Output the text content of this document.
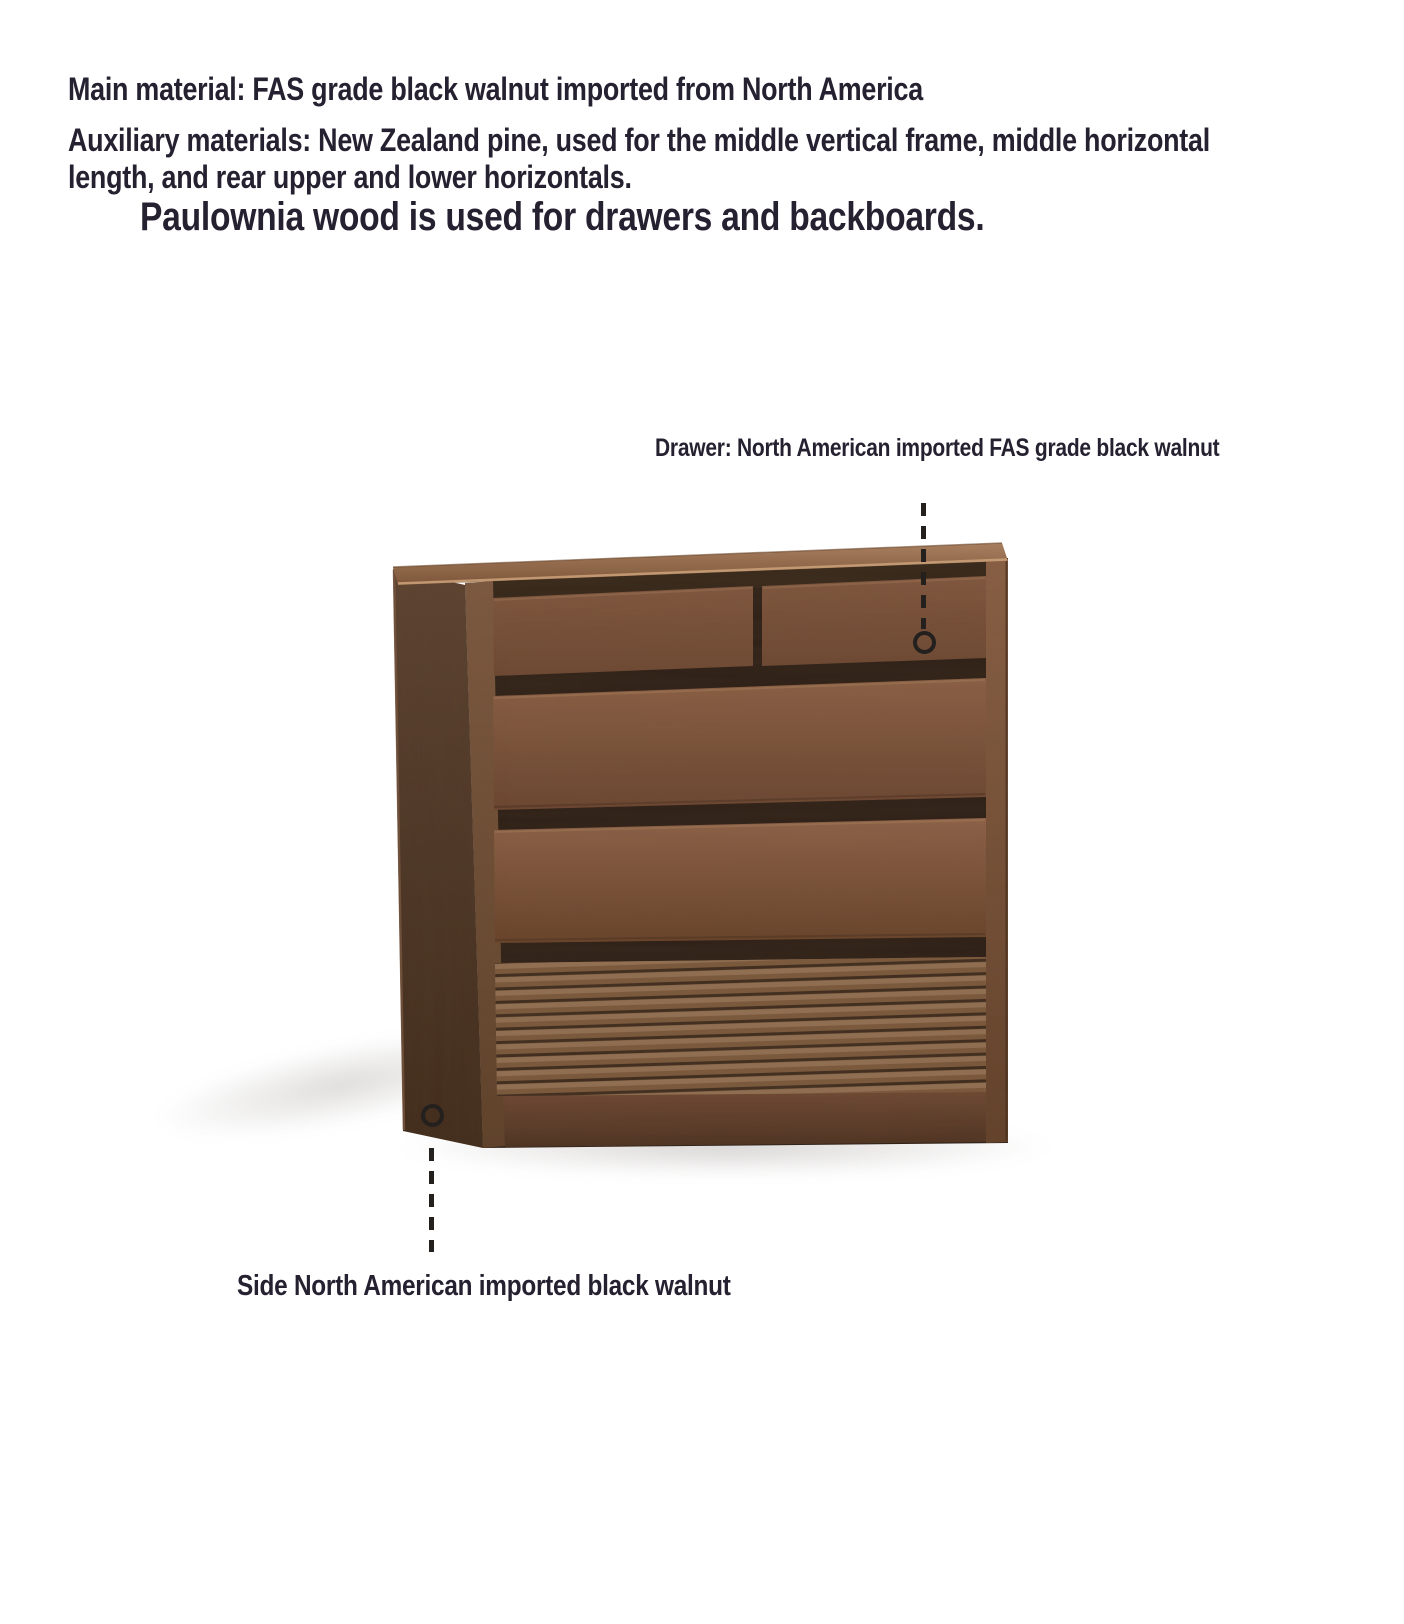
Main material: FAS grade black walnut imported from North America
Auxiliary materials: New Zealand pine, used for the middle vertical frame, middle horizontal
length, and rear upper and lower horizontals.
Paulownia wood is used for drawers and backboards.
Drawer: North American imported FAS grade black walnut
Side North American imported black walnut
